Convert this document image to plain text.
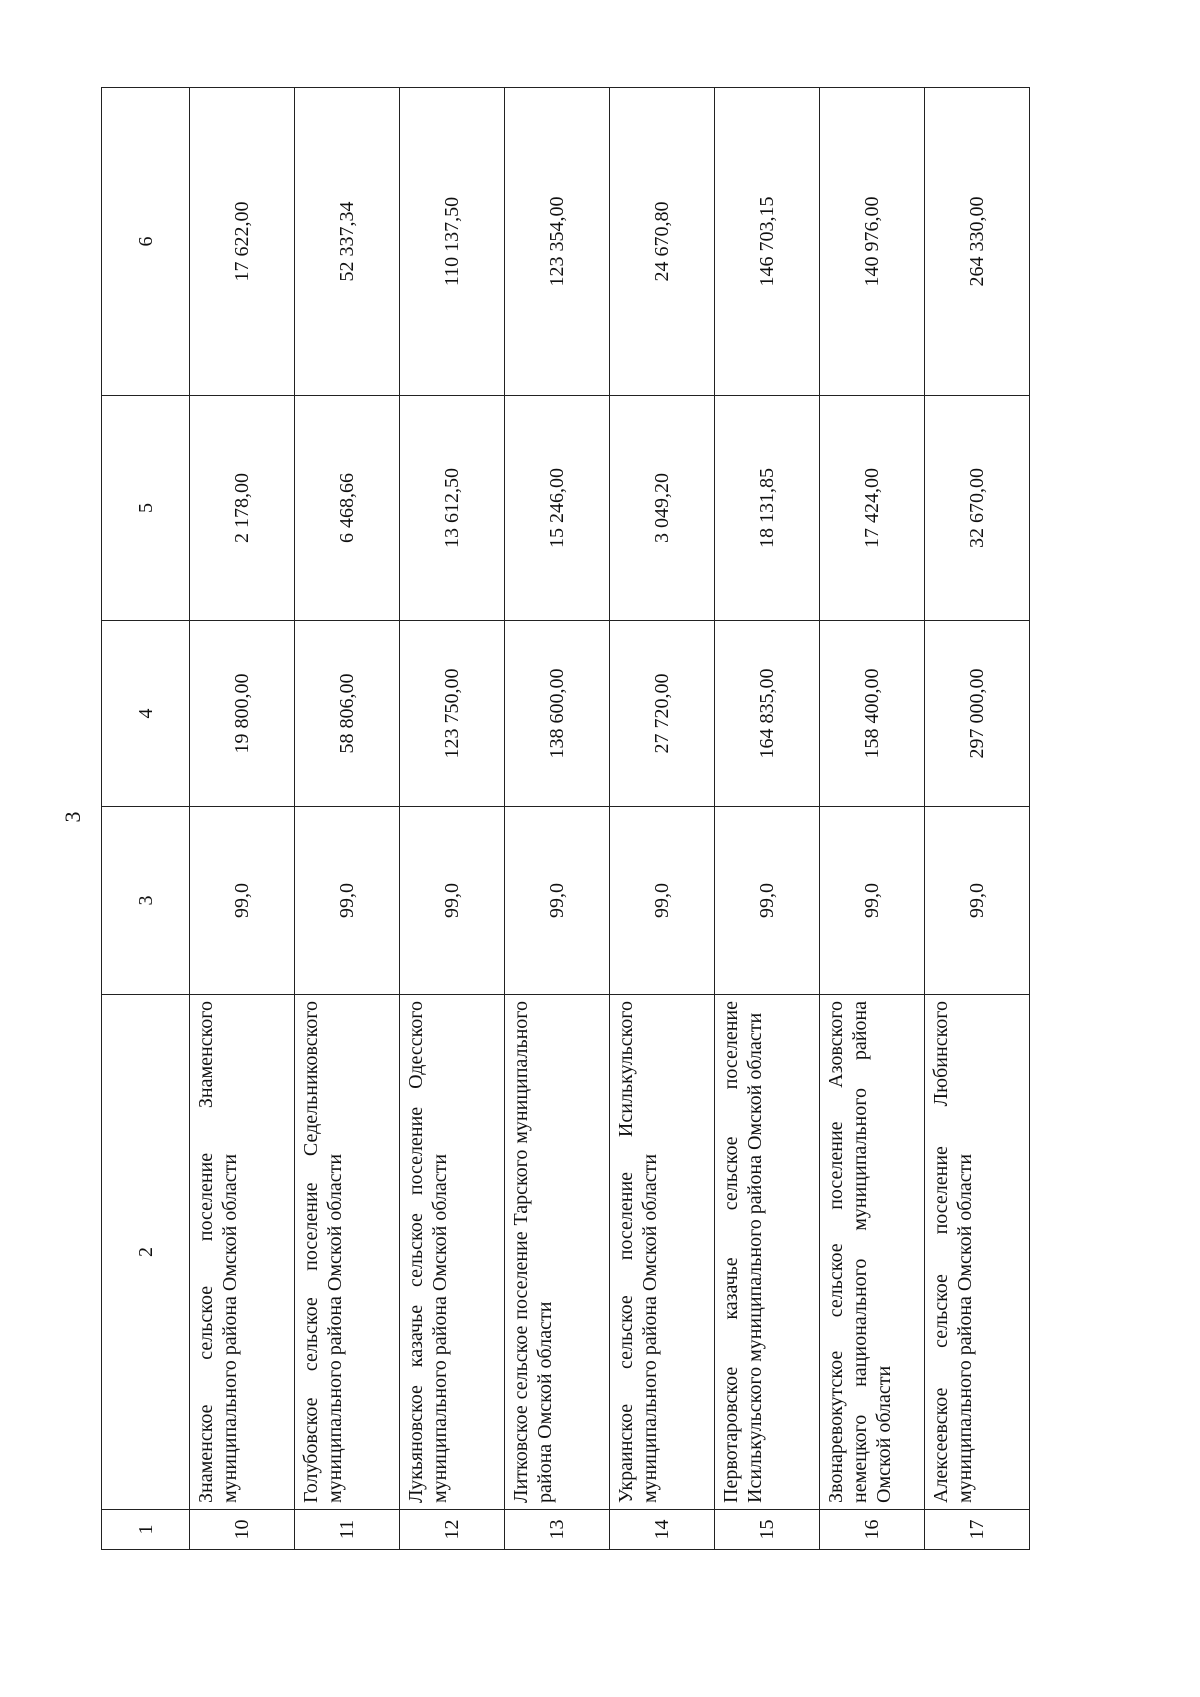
3
1	2	3	4	5	6
10	Знаменское сельское поселение Знаменского муниципального района Омской области	99,0	19 800,00	2 178,00	17 622,00
11	Голубовское сельское поселение Седельниковского муниципального района Омской области	99,0	58 806,00	6 468,66	52 337,34
12	Лукьяновское казачье сельское поселение Одесского муниципального района Омской области	99,0	123 750,00	13 612,50	110 137,50
13	Литковское сельское поселение Тарского муниципального района Омской области	99,0	138 600,00	15 246,00	123 354,00
14	Украинское сельское поселение Исилькульского муниципального района Омской области	99,0	27 720,00	3 049,20	24 670,80
15	Первотаровское казачье сельское поселение Исилькульского муниципального района Омской области	99,0	164 835,00	18 131,85	146 703,15
16	Звонаревокутское сельское поселение Азовского немецкого национального муниципального района Омской области	99,0	158 400,00	17 424,00	140 976,00
17	Алексеевское сельское поселение Любинского муниципального района Омской области	99,0	297 000,00	32 670,00	264 330,00
